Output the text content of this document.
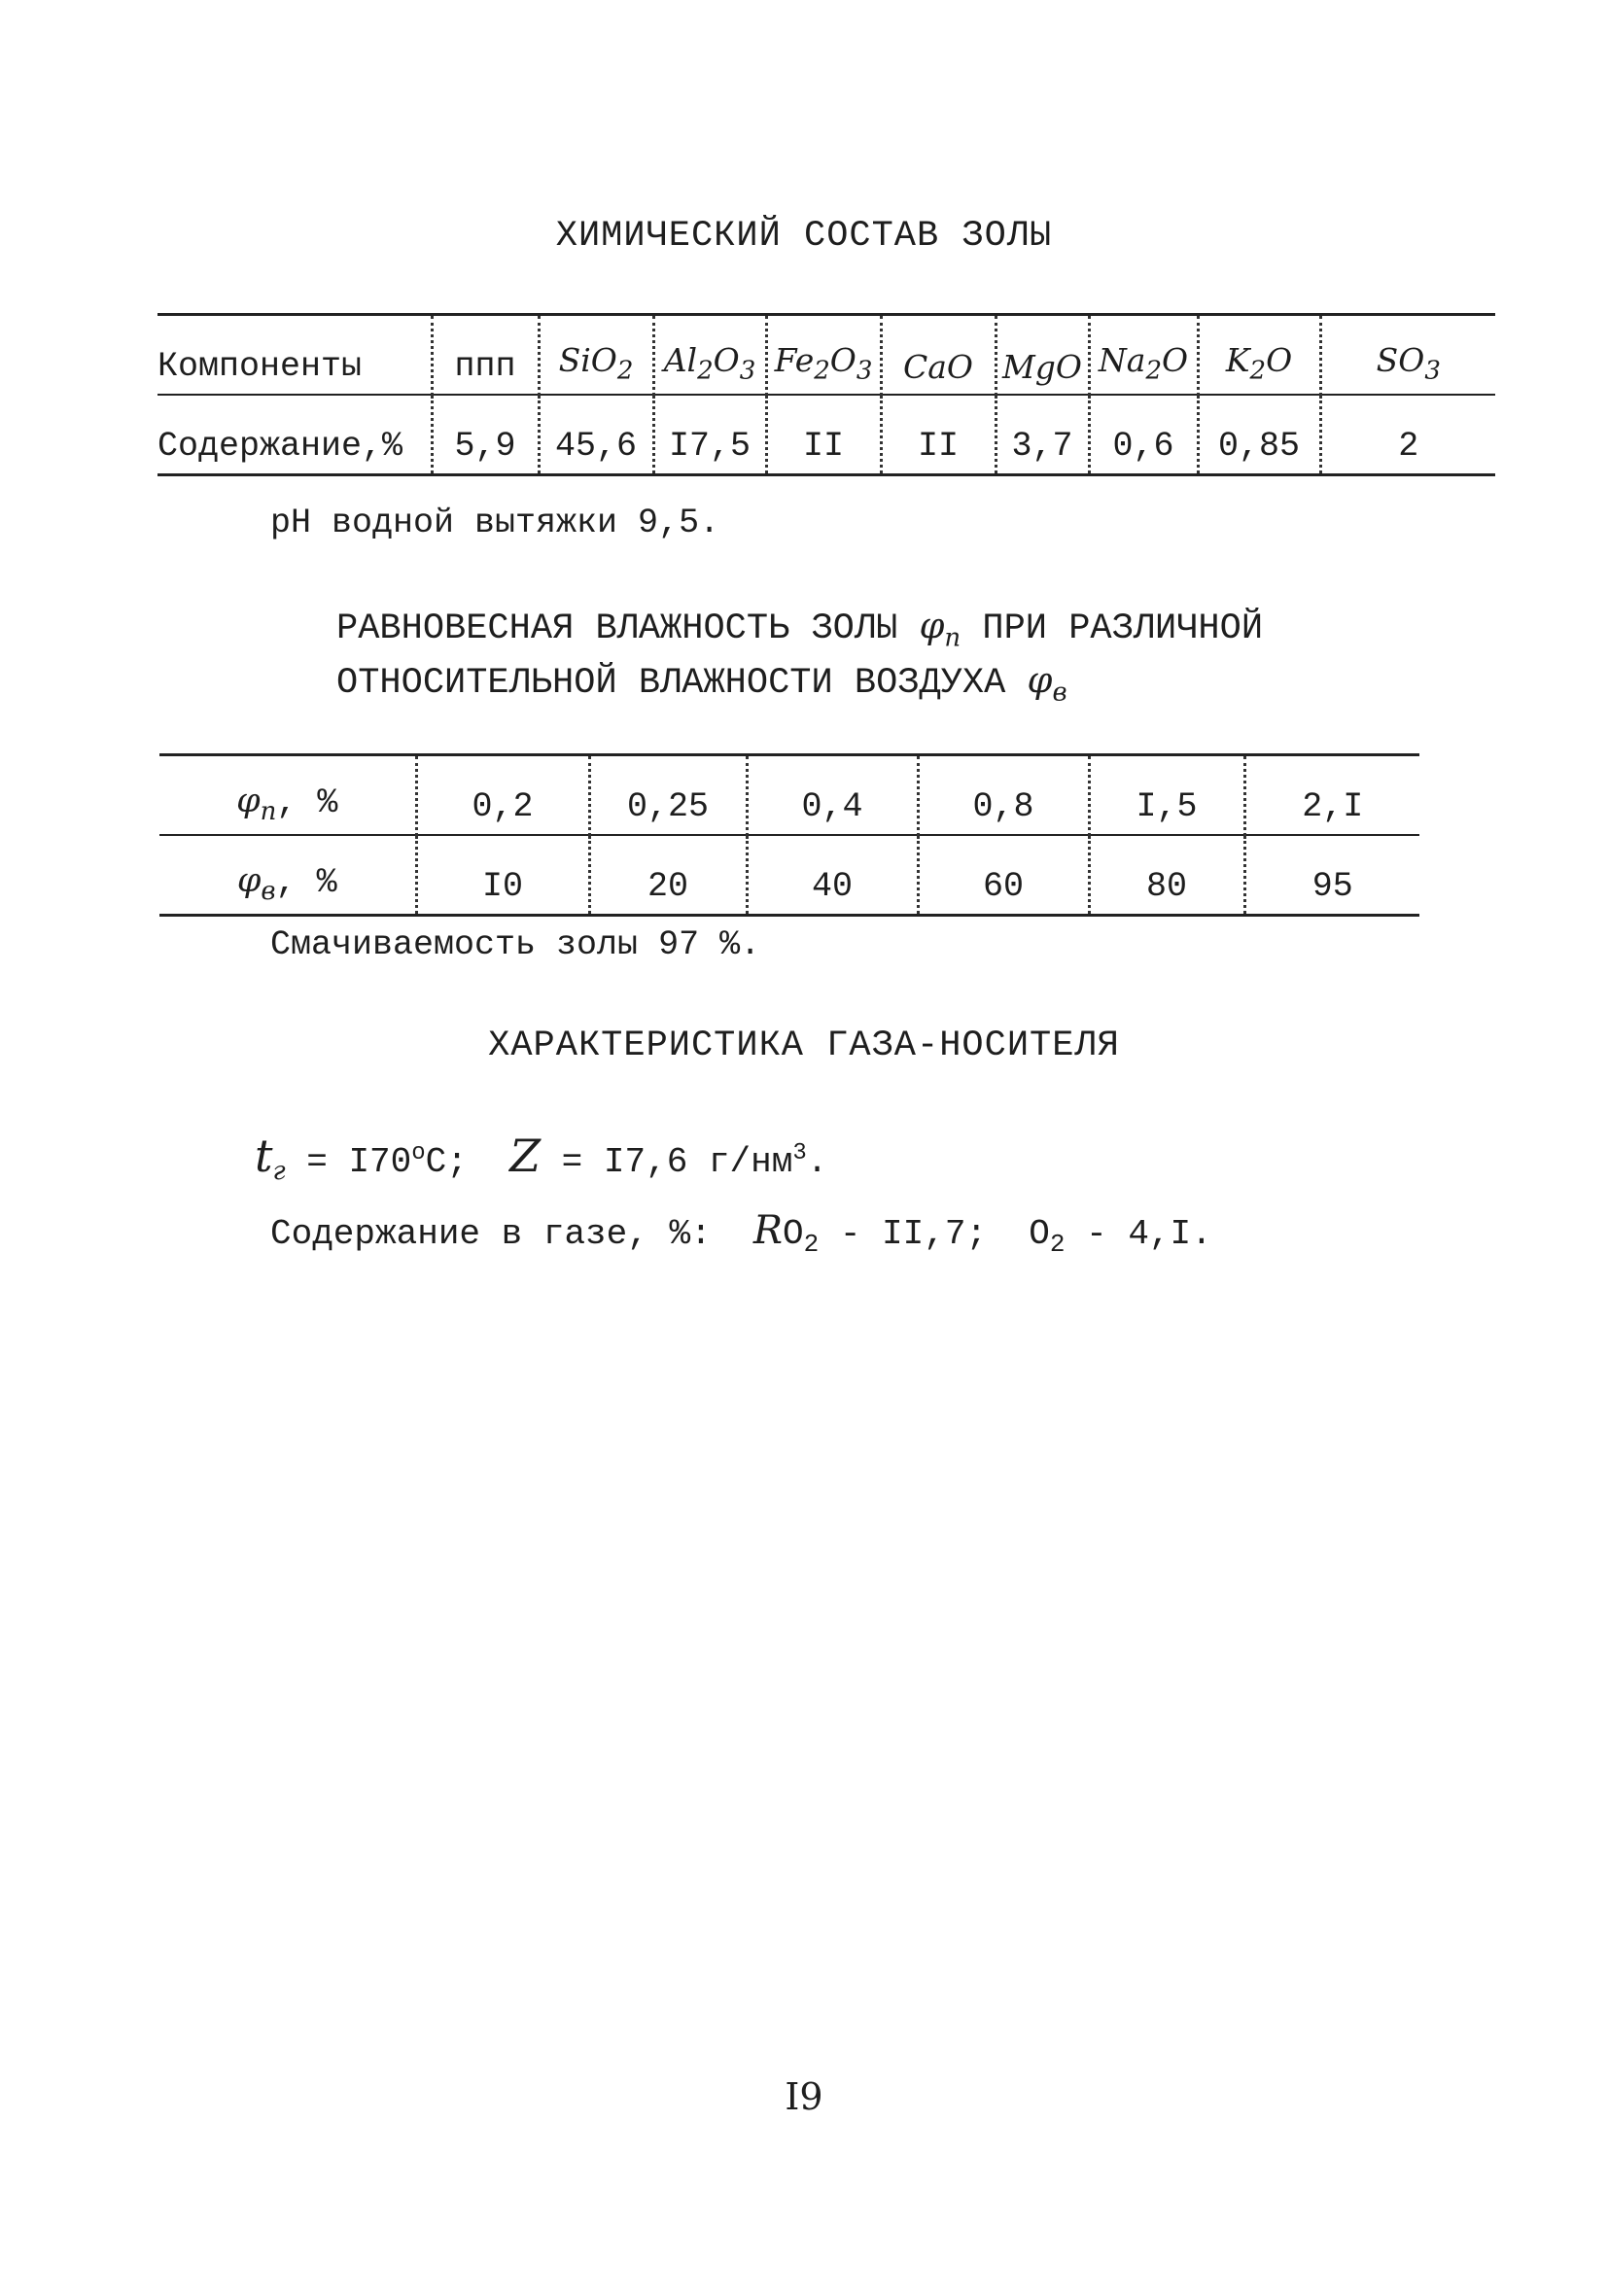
ХИМИЧЕСКИЙ СОСТАВ ЗОЛЫ
Компоненты	ппп	SiO$_2$	$Al_2O_3$	$Fe_2O_3$	CaO	MgO	$Na_2O$	$K_2O$	$SO_3$
Содержание,%	5,9	45,6	I7,5	II	II	3,7	0,6	0,85	2
pH водной вытяжки 9,5.
РАВНОВЕСНАЯ ВЛАЖНОСТЬ ЗОЛЫ $\varphi_п$ ПРИ РАЗЛИЧНОЙ
ОТНОСИТЕЛЬНОЙ ВЛАЖНОСТИ ВОЗДУХА $\varphi_в$
$\varphi_п$, %	0,2	0,25	0,4	0,8	I,5	2,I
$\varphi_в$, %	I0	20	40	60	80	95
Смачиваемость золы 97 %.
ХАРАКТЕРИСТИКА ГАЗА-НОСИТЕЛЯ
$t_г = I70^oC$; Z = I7,6 $г/нм^3$.
Содержание в газе, %: $RO_2 - II,7$; $O_2 - 4,I$.
I9
